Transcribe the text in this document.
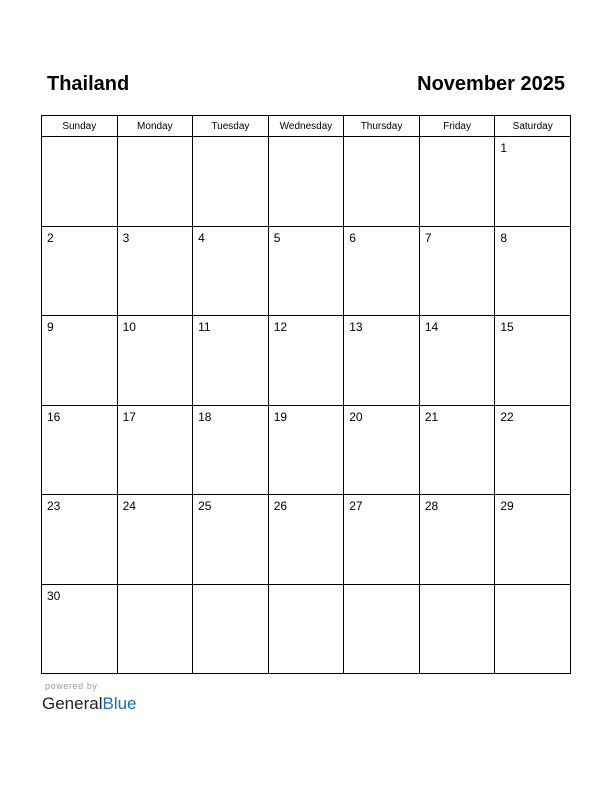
Thailand	November 2025
Sunday	Monday	Tuesday	Wednesday	Thursday	Friday	Saturday

						1

2	3	4	5	6	7	8

9	10	11	12	13	14	15

16	17	18	19	20	21	22

23	24	25	26	27	28	29

30						

powered by
GeneralBlue
